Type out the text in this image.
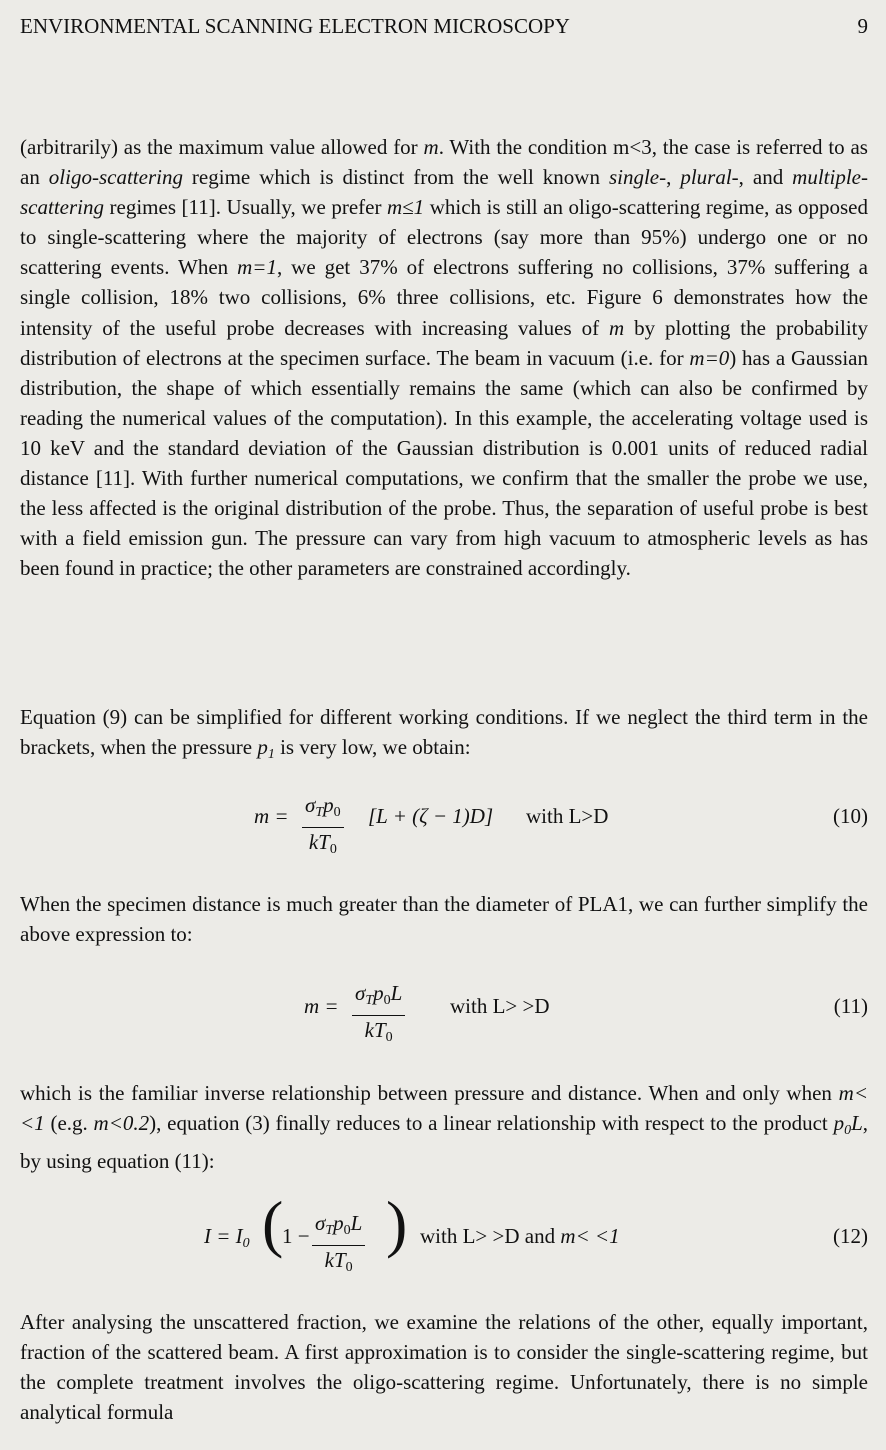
ENVIRONMENTAL SCANNING ELECTRON MICROSCOPY	9

(arbitrarily) as the maximum value allowed for m. With the condition m<3, the case is referred to as an oligo-scattering regime which is distinct from the well known single-, plural-, and multiple-scattering regimes [11]. Usually, we prefer m≤1 which is still an oligo-scattering regime, as opposed to single-scattering where the majority of electrons (say more than 95%) undergo one or no scattering events. When m=1, we get 37% of electrons suffering no collisions, 37% suffering a single collision, 18% two collisions, 6% three collisions, etc. Figure 6 demonstrates how the intensity of the useful probe decreases with increasing values of m by plotting the probability distribution of electrons at the specimen surface. The beam in vacuum (i.e. for m=0) has a Gaussian distribution, the shape of which essentially remains the same (which can also be confirmed by reading the numerical values of the computation). In this example, the accelerating voltage used is 10 keV and the standard deviation of the Gaussian distribution is 0.001 units of reduced radial distance [11]. With further numerical computations, we confirm that the smaller the probe we use, the less affected is the original distribution of the probe. Thus, the separation of useful probe is best with a field emission gun. The pressure can vary from high vacuum to atmospheric levels as has been found in practice; the other parameters are constrained accordingly.

Equation (9) can be simplified for different working conditions. If we neglect the third term in the brackets, when the pressure $p_1$ is very low, we obtain:

$m = \sigma_Tp_0$
$kT_0$
[L + (ζ − 1)D] with L>D	(10)

When the specimen distance is much greater than the diameter of PLA1, we can further simplify the above expression to:

m =
$\sigma_Tp_0L$
$kT_0$
with L> >D	(11)

which is the familiar inverse relationship between pressure and distance. When and only when m< <1 (e.g. m<0.2), equation (3) finally reduces to a linear relationship with respect to the product $p_0L$, by using equation (11):

$I = I_0$ (
1 −
$\sigma_Tp_0L$
$kT_0$
) with L> >D and m< <1	(12)

After analysing the unscattered fraction, we examine the relations of the other, equally important, fraction of the scattered beam. A first approximation is to consider the single-scattering regime, but the complete treatment involves the oligo-scattering regime. Unfortunately, there is no simple analytical formula
